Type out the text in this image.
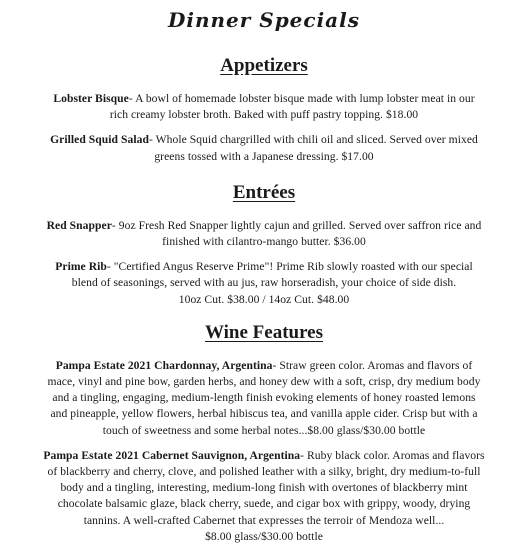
Dinner Specials
Appetizers

Lobster Bisque- A bowl of homemade lobster bisque made with lump lobster meat in our
rich creamy lobster broth. Baked with puff pastry topping. $18.00

Grilled Squid Salad- Whole Squid chargrilled with chili oil and sliced. Served over mixed
greens tossed with a Japanese dressing. $17.00

Entrées

Red Snapper- 9oz Fresh Red Snapper lightly cajun and grilled. Served over saffron rice and
finished with cilantro-mango butter. $36.00

Prime Rib- "Certified Angus Reserve Prime"! Prime Rib slowly roasted with our special
blend of seasonings, served with au jus, raw horseradish, your choice of side dish.
10oz Cut. $38.00 / 14oz Cut. $48.00

Wine Features

Pampa Estate 2021 Chardonnay, Argentina- Straw green color. Aromas and flavors of
mace, vinyl and pine bow, garden herbs, and honey dew with a soft, crisp, dry medium body
and a tingling, engaging, medium-length finish evoking elements of honey roasted lemons
and pineapple, yellow flowers, herbal hibiscus tea, and vanilla apple cider. Crisp but with a
touch of sweetness and some herbal notes...$8.00 glass/$30.00 bottle

Pampa Estate 2021 Cabernet Sauvignon, Argentina- Ruby black color. Aromas and flavors
of blackberry and cherry, clove, and polished leather with a silky, bright, dry medium-to-full
body and a tingling, interesting, medium-long finish with overtones of blackberry mint
chocolate balsamic glaze, black cherry, suede, and cigar box with grippy, woody, drying
tannins. A well-crafted Cabernet that expresses the terroir of Mendoza well...
$8.00 glass/$30.00 bottle
